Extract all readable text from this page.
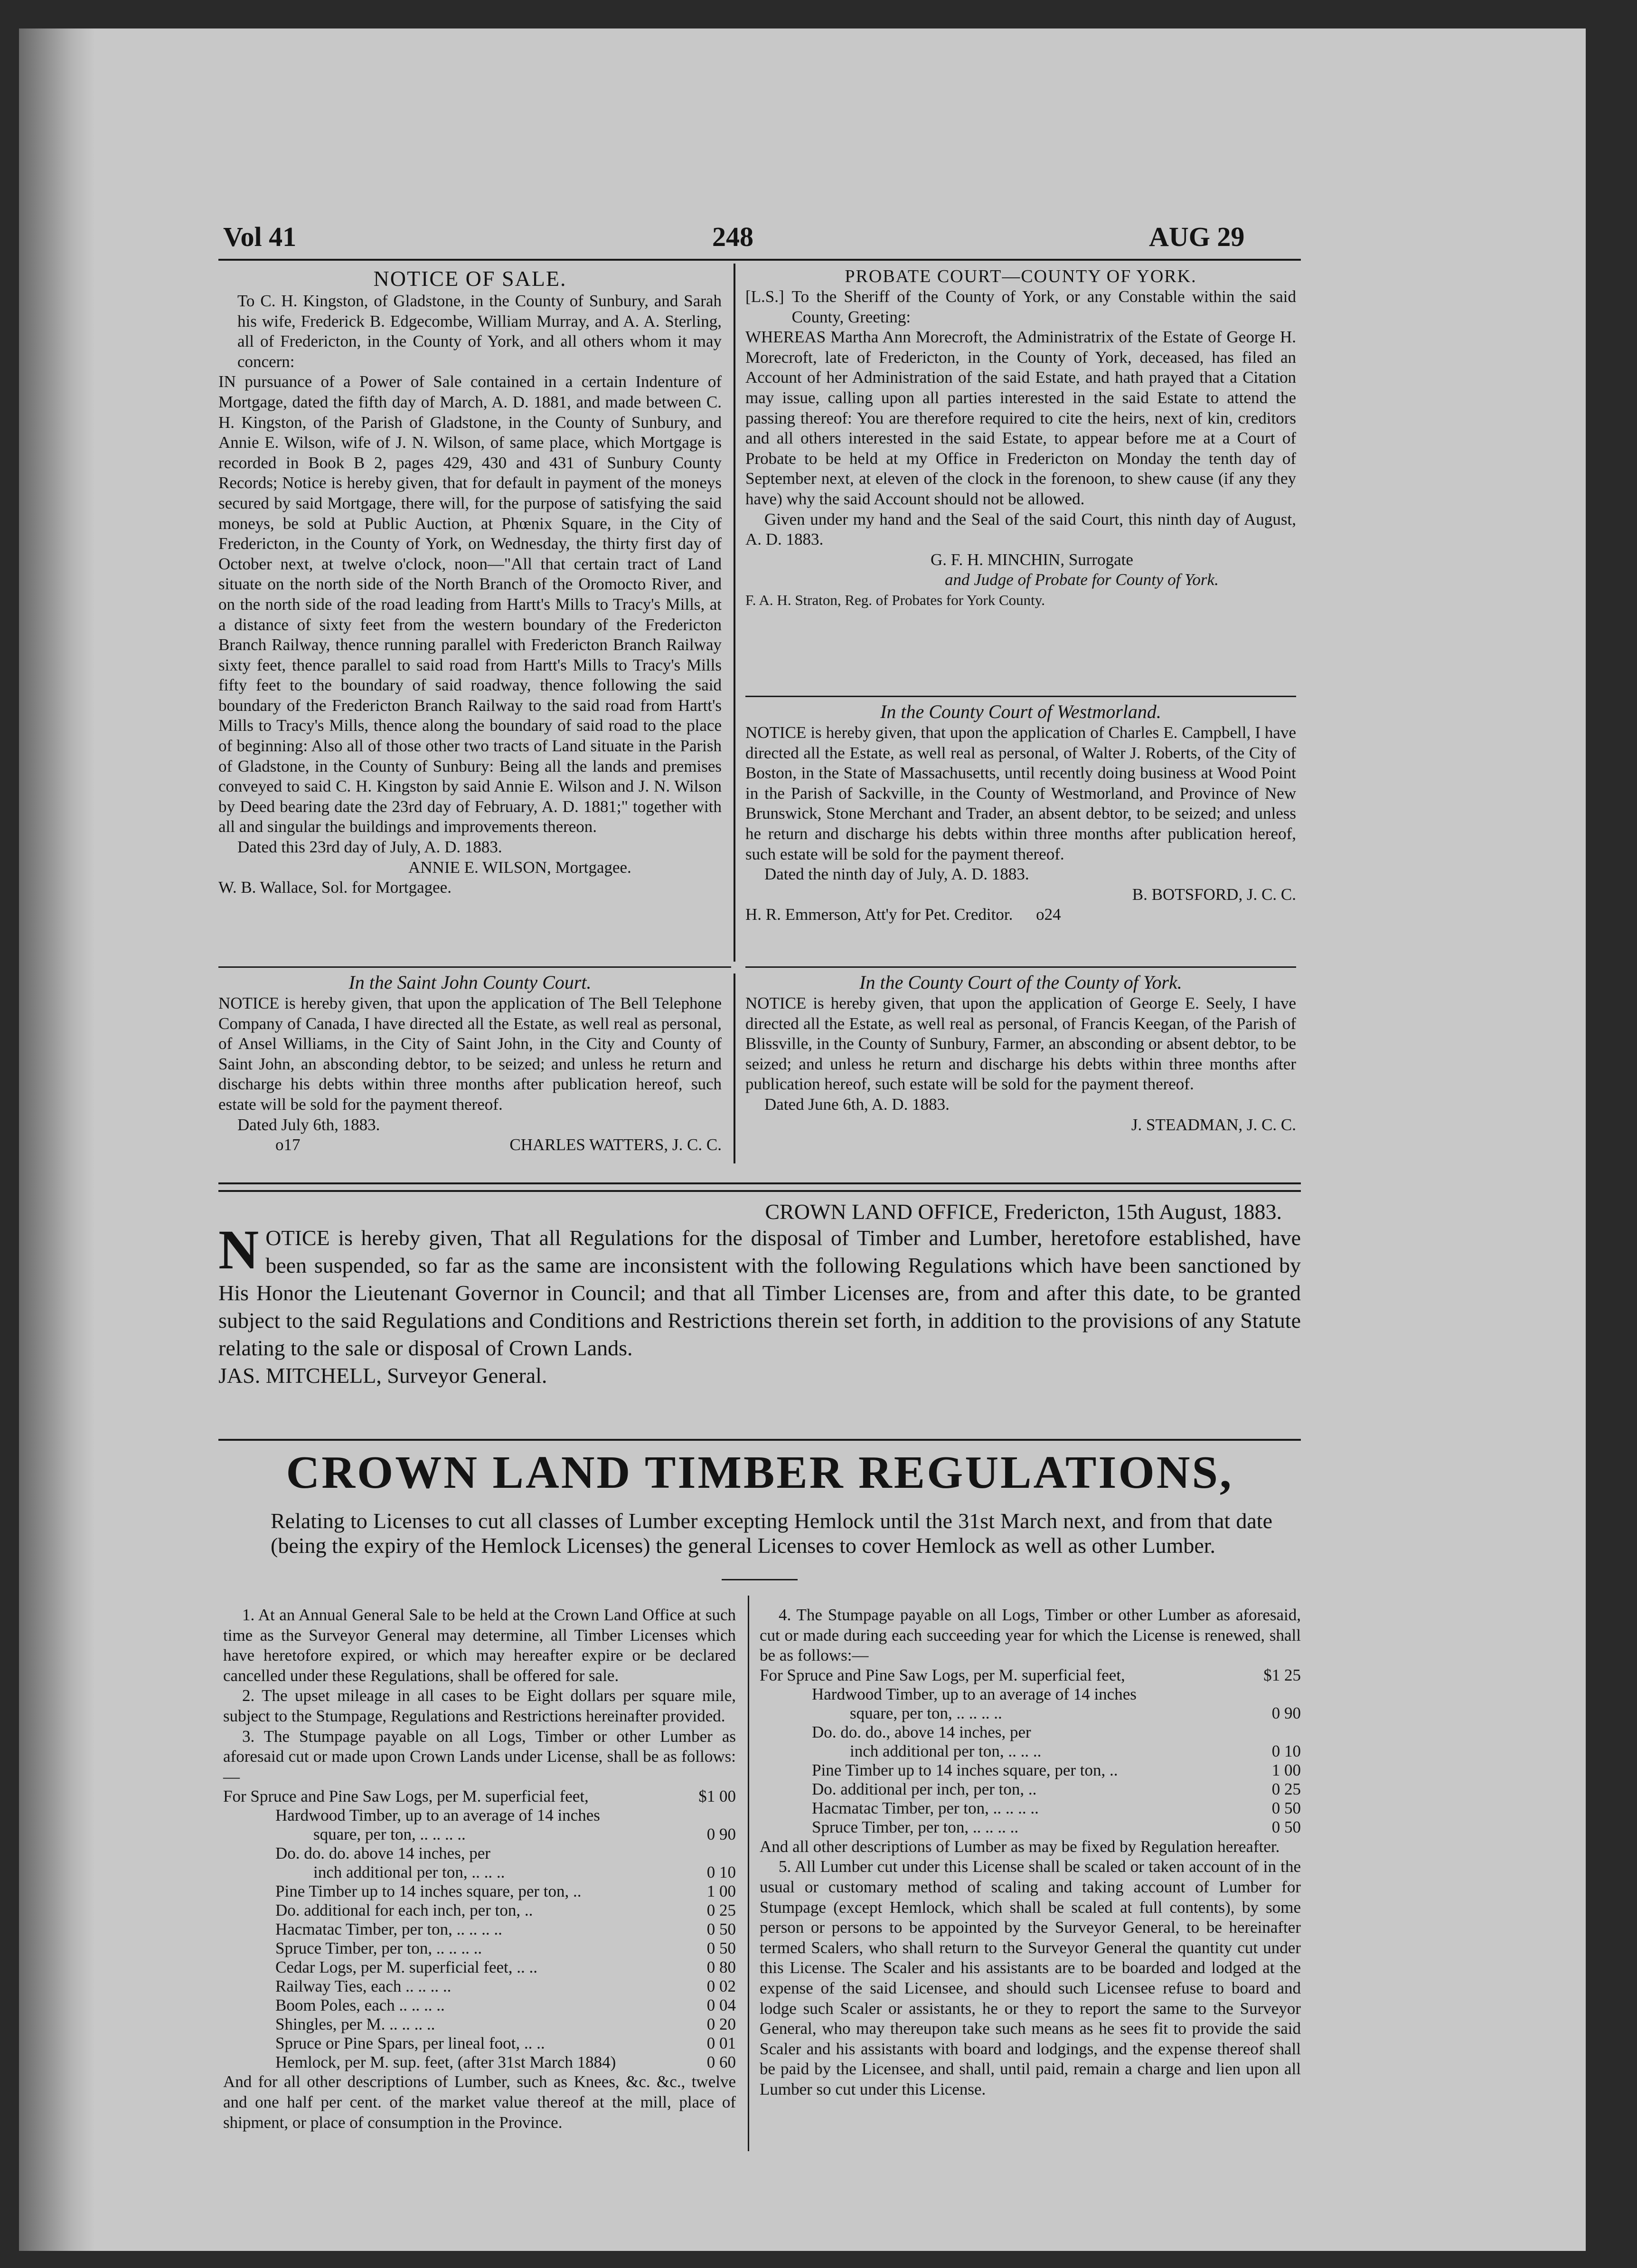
Vol 41	248	AUG 29
NOTICE OF SALE.

To C. H. Kingston, of Gladstone, in the County of Sunbury, and Sarah his wife, Frederick B. Edgecombe, William Murray, and A. A. Sterling, all of Fredericton, in the County of York, and all others whom it may concern:

IN pursuance of a Power of Sale contained in a certain Indenture of Mortgage, dated the fifth day of March, A. D. 1881, and made between C. H. Kingston, of the Parish of Gladstone, in the County of Sunbury, and Annie E. Wilson, wife of J. N. Wilson, of same place, which Mortgage is recorded in Book B 2, pages 429, 430 and 431 of Sunbury County Records; Notice is hereby given, that for default in payment of the moneys secured by said Mortgage, there will, for the purpose of satisfying the said moneys, be sold at Public Auction, at Phœnix Square, in the City of Fredericton, in the County of York, on Wednesday, the thirty first day of October next, at twelve o'clock, noon—"All that certain tract of Land situate on the north side of the North Branch of the Oromocto River, and on the north side of the road leading from Hartt's Mills to Tracy's Mills, at a distance of sixty feet from the western boundary of the Fredericton Branch Railway, thence running parallel with Fredericton Branch Railway sixty feet, thence parallel to said road from Hartt's Mills to Tracy's Mills fifty feet to the boundary of said roadway, thence following the said boundary of the Fredericton Branch Railway to the said road from Hartt's Mills to Tracy's Mills, thence along the boundary of said road to the place of beginning: Also all of those other two tracts of Land situate in the Parish of Gladstone, in the County of Sunbury: Being all the lands and premises conveyed to said C. H. Kingston by said Annie E. Wilson and J. N. Wilson by Deed bearing date the 23rd day of February, A. D. 1881;" together with all and singular the buildings and improvements thereon.

Dated this 23rd day of July, A. D. 1883.

ANNIE E. WILSON, Mortgagee.
W. B. Wallace, Sol. for Mortgagee.
PROBATE COURT—COUNTY OF YORK.
[L.S.] To the Sheriff of the County of York, or any Constable within the said County, Greeting:

WHEREAS Martha Ann Morecroft, the Administratrix of the Estate of George H. Morecroft, late of Fredericton, in the County of York, deceased, has filed an Account of her Administration of the said Estate, and hath prayed that a Citation may issue, calling upon all parties interested in the said Estate to attend the passing thereof: You are therefore required to cite the heirs, next of kin, creditors and all others interested in the said Estate, to appear before me at a Court of Probate to be held at my Office in Fredericton on Monday the tenth day of September next, at eleven of the clock in the forenoon, to shew cause (if any they have) why the said Account should not be allowed.

Given under my hand and the Seal of the said Court, this ninth day of August, A. D. 1883.

G. F. H. MINCHIN, Surrogate
and Judge of Probate for County of York.
F. A. H. Straton, Reg. of Probates for York County.
In the County Court of Westmorland.

NOTICE is hereby given, that upon the application of Charles E. Campbell, I have directed all the Estate, as well real as personal, of Walter J. Roberts, of the City of Boston, in the State of Massachusetts, until recently doing business at Wood Point in the Parish of Sackville, in the County of Westmorland, and Province of New Brunswick, Stone Merchant and Trader, an absent debtor, to be seized; and unless he return and discharge his debts within three months after publication hereof, such estate will be sold for the payment thereof.

Dated the ninth day of July, A. D. 1883.

B. BOTSFORD, J. C. C.
H. R. Emmerson, Att'y for Pet. Creditor. o24
In the Saint John County Court.

NOTICE is hereby given, that upon the application of The Bell Telephone Company of Canada, I have directed all the Estate, as well real as personal, of Ansel Williams, in the City of Saint John, in the City and County of Saint John, an absconding debtor, to be seized; and unless he return and discharge his debts within three months after publication hereof, such estate will be sold for the payment thereof.

Dated July 6th, 1883.

o17	CHARLES WATTERS, J. C. C.
In the County Court of the County of York.

NOTICE is hereby given, that upon the application of George E. Seely, I have directed all the Estate, as well real as personal, of Francis Keegan, of the Parish of Blissville, in the County of Sunbury, Farmer, an absconding or absent debtor, to be seized; and unless he return and discharge his debts within three months after publication hereof, such estate will be sold for the payment thereof.

Dated June 6th, A. D. 1883.

J. STEADMAN, J. C. C.
CROWN LAND OFFICE, Fredericton, 15th August, 1883.

NOTICE is hereby given, That all Regulations for the disposal of Timber and Lumber, heretofore established, have been suspended, so far as the same are inconsistent with the following Regulations which have been sanctioned by His Honor the Lieutenant Governor in Council; and that all Timber Licenses are, from and after this date, to be granted subject to the said Regulations and Conditions and Restrictions therein set forth, in addition to the provisions of any Statute relating to the sale or disposal of Crown Lands.

JAS. MITCHELL, Surveyor General.
CROWN LAND TIMBER REGULATIONS,
Relating to Licenses to cut all classes of Lumber excepting Hemlock until the 31st March next, and from that date (being the expiry of the Hemlock Licenses) the general Licenses to cover Hemlock as well as other Lumber.

1. At an Annual General Sale to be held at the Crown Land Office at such time as the Surveyor General may determine, all Timber Licenses which have heretofore expired, or which may hereafter expire or be declared cancelled under these Regulations, shall be offered for sale.

2. The upset mileage in all cases to be Eight dollars per square mile, subject to the Stumpage, Regulations and Restrictions hereinafter provided.

3. The Stumpage payable on all Logs, Timber or other Lumber as aforesaid cut or made upon Crown Lands under License, shall be as follows:—

For Spruce and Pine Saw Logs, per M. superficial feet,	$1 00
Hardwood Timber, up to an average of 14 inches	
square, per ton, .. .. .. ..	0 90
Do. do. do. above 14 inches, per	
inch additional per ton, .. .. ..	0 10
Pine Timber up to 14 inches square, per ton, ..	1 00
Do. additional for each inch, per ton, ..	0 25
Hacmatac Timber, per ton, .. .. .. ..	0 50
Spruce Timber, per ton, .. .. .. ..	0 50
Cedar Logs, per M. superficial feet, .. ..	0 80
Railway Ties, each .. .. .. ..	0 02
Boom Poles, each .. .. .. ..	0 04
Shingles, per M. .. .. .. ..	0 20
Spruce or Pine Spars, per lineal foot, .. ..	0 01
Hemlock, per M. sup. feet, (after 31st March 1884)	0 60

And for all other descriptions of Lumber, such as Knees, &c. &c., twelve and one half per cent. of the market value thereof at the mill, place of shipment, or place of consumption in the Province.

4. The Stumpage payable on all Logs, Timber or other Lumber as aforesaid, cut or made during each succeeding year for which the License is renewed, shall be as follows:—

For Spruce and Pine Saw Logs, per M. superficial feet,	$1 25
Hardwood Timber, up to an average of 14 inches	
square, per ton, .. .. .. ..	0 90
Do. do. do., above 14 inches, per	
inch additional per ton, .. .. ..	0 10
Pine Timber up to 14 inches square, per ton, ..	1 00
Do. additional per inch, per ton, ..	0 25
Hacmatac Timber, per ton, .. .. .. ..	0 50
Spruce Timber, per ton, .. .. .. ..	0 50

And all other descriptions of Lumber as may be fixed by Regulation hereafter.

5. All Lumber cut under this License shall be scaled or taken account of in the usual or customary method of scaling and taking account of Lumber for Stumpage (except Hemlock, which shall be scaled at full contents), by some person or persons to be appointed by the Surveyor General, to be hereinafter termed Scalers, who shall return to the Surveyor General the quantity cut under this License. The Scaler and his assistants are to be boarded and lodged at the expense of the said Licensee, and should such Licensee refuse to board and lodge such Scaler or assistants, he or they to report the same to the Surveyor General, who may thereupon take such means as he sees fit to provide the said Scaler and his assistants with board and lodgings, and the expense thereof shall be paid by the Licensee, and shall, until paid, remain a charge and lien upon all Lumber so cut under this License.
